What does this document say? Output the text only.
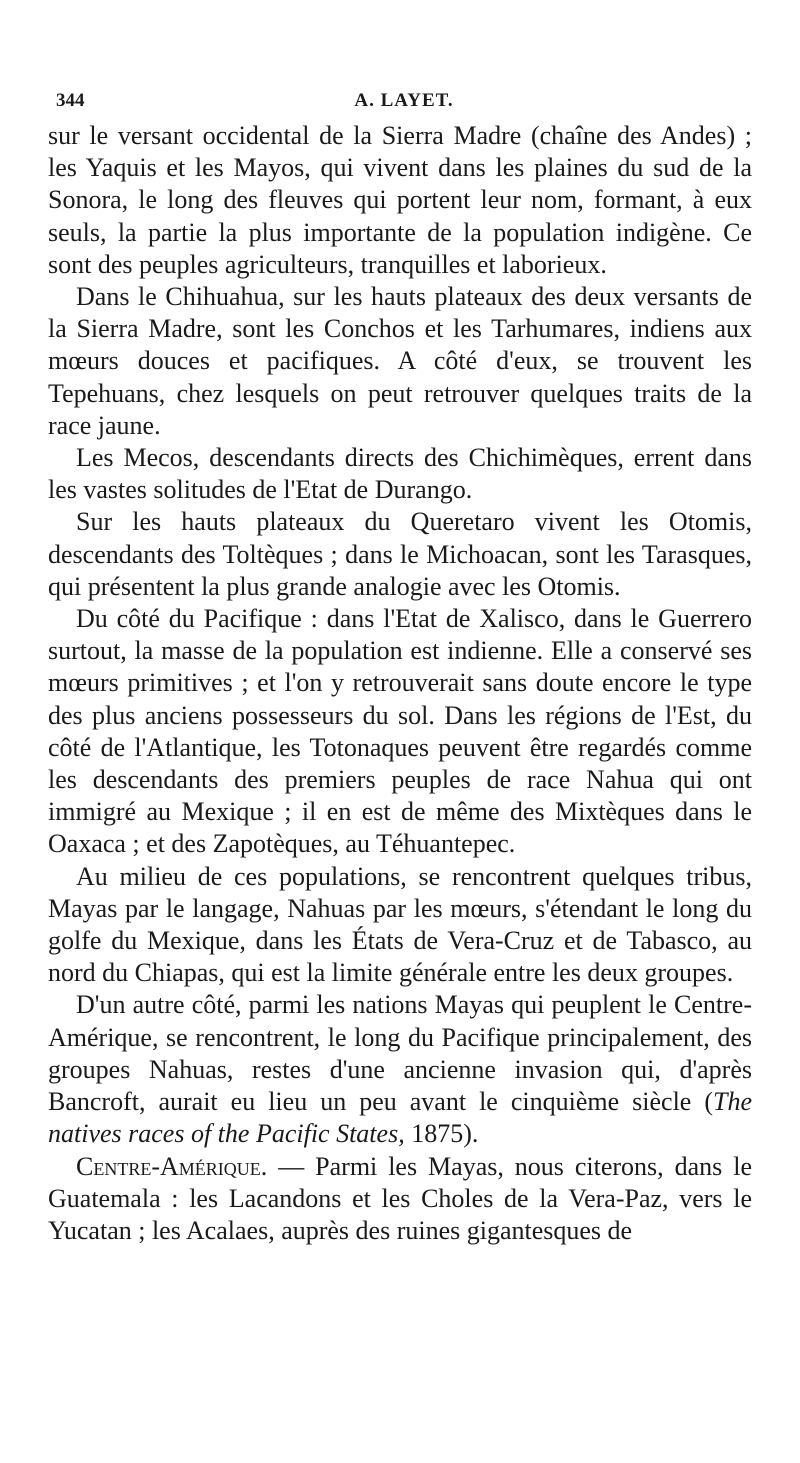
344	A. LAYET.

sur le versant occidental de la Sierra Madre (chaîne des Andes) ; les Yaquis et les Mayos, qui vivent dans les plaines du sud de la Sonora, le long des fleuves qui portent leur nom, formant, à eux seuls, la partie la plus importante de la population indigène. Ce sont des peuples agriculteurs, tranquilles et laborieux.

Dans le Chihuahua, sur les hauts plateaux des deux versants de la Sierra Madre, sont les Conchos et les Tarhumares, indiens aux mœurs douces et pacifiques. A côté d'eux, se trouvent les Tepehuans, chez lesquels on peut retrouver quelques traits de la race jaune.

Les Mecos, descendants directs des Chichimèques, errent dans les vastes solitudes de l'Etat de Durango.

Sur les hauts plateaux du Queretaro vivent les Otomis, descendants des Toltèques ; dans le Michoacan, sont les Tarasques, qui présentent la plus grande analogie avec les Otomis.

Du côté du Pacifique : dans l'Etat de Xalisco, dans le Guerrero surtout, la masse de la population est indienne. Elle a conservé ses mœurs primitives ; et l'on y retrouverait sans doute encore le type des plus anciens possesseurs du sol. Dans les régions de l'Est, du côté de l'Atlantique, les Totonaques peuvent être regardés comme les descendants des premiers peuples de race Nahua qui ont immigré au Mexique ; il en est de même des Mixtèques dans le Oaxaca ; et des Zapotèques, au Téhuantepec.

Au milieu de ces populations, se rencontrent quelques tribus, Mayas par le langage, Nahuas par les mœurs, s'étendant le long du golfe du Mexique, dans les États de Vera-Cruz et de Tabasco, au nord du Chiapas, qui est la limite générale entre les deux groupes.

D'un autre côté, parmi les nations Mayas qui peuplent le Centre-Amérique, se rencontrent, le long du Pacifique principalement, des groupes Nahuas, restes d'une ancienne invasion qui, d'après Bancroft, aurait eu lieu un peu avant le cinquième siècle (The natives races of the Pacific States, 1875).

Centre-Amérique. — Parmi les Mayas, nous citerons, dans le Guatemala : les Lacandons et les Choles de la Vera-Paz, vers le Yucatan ; les Acalaes, auprès des ruines gigantesques de
